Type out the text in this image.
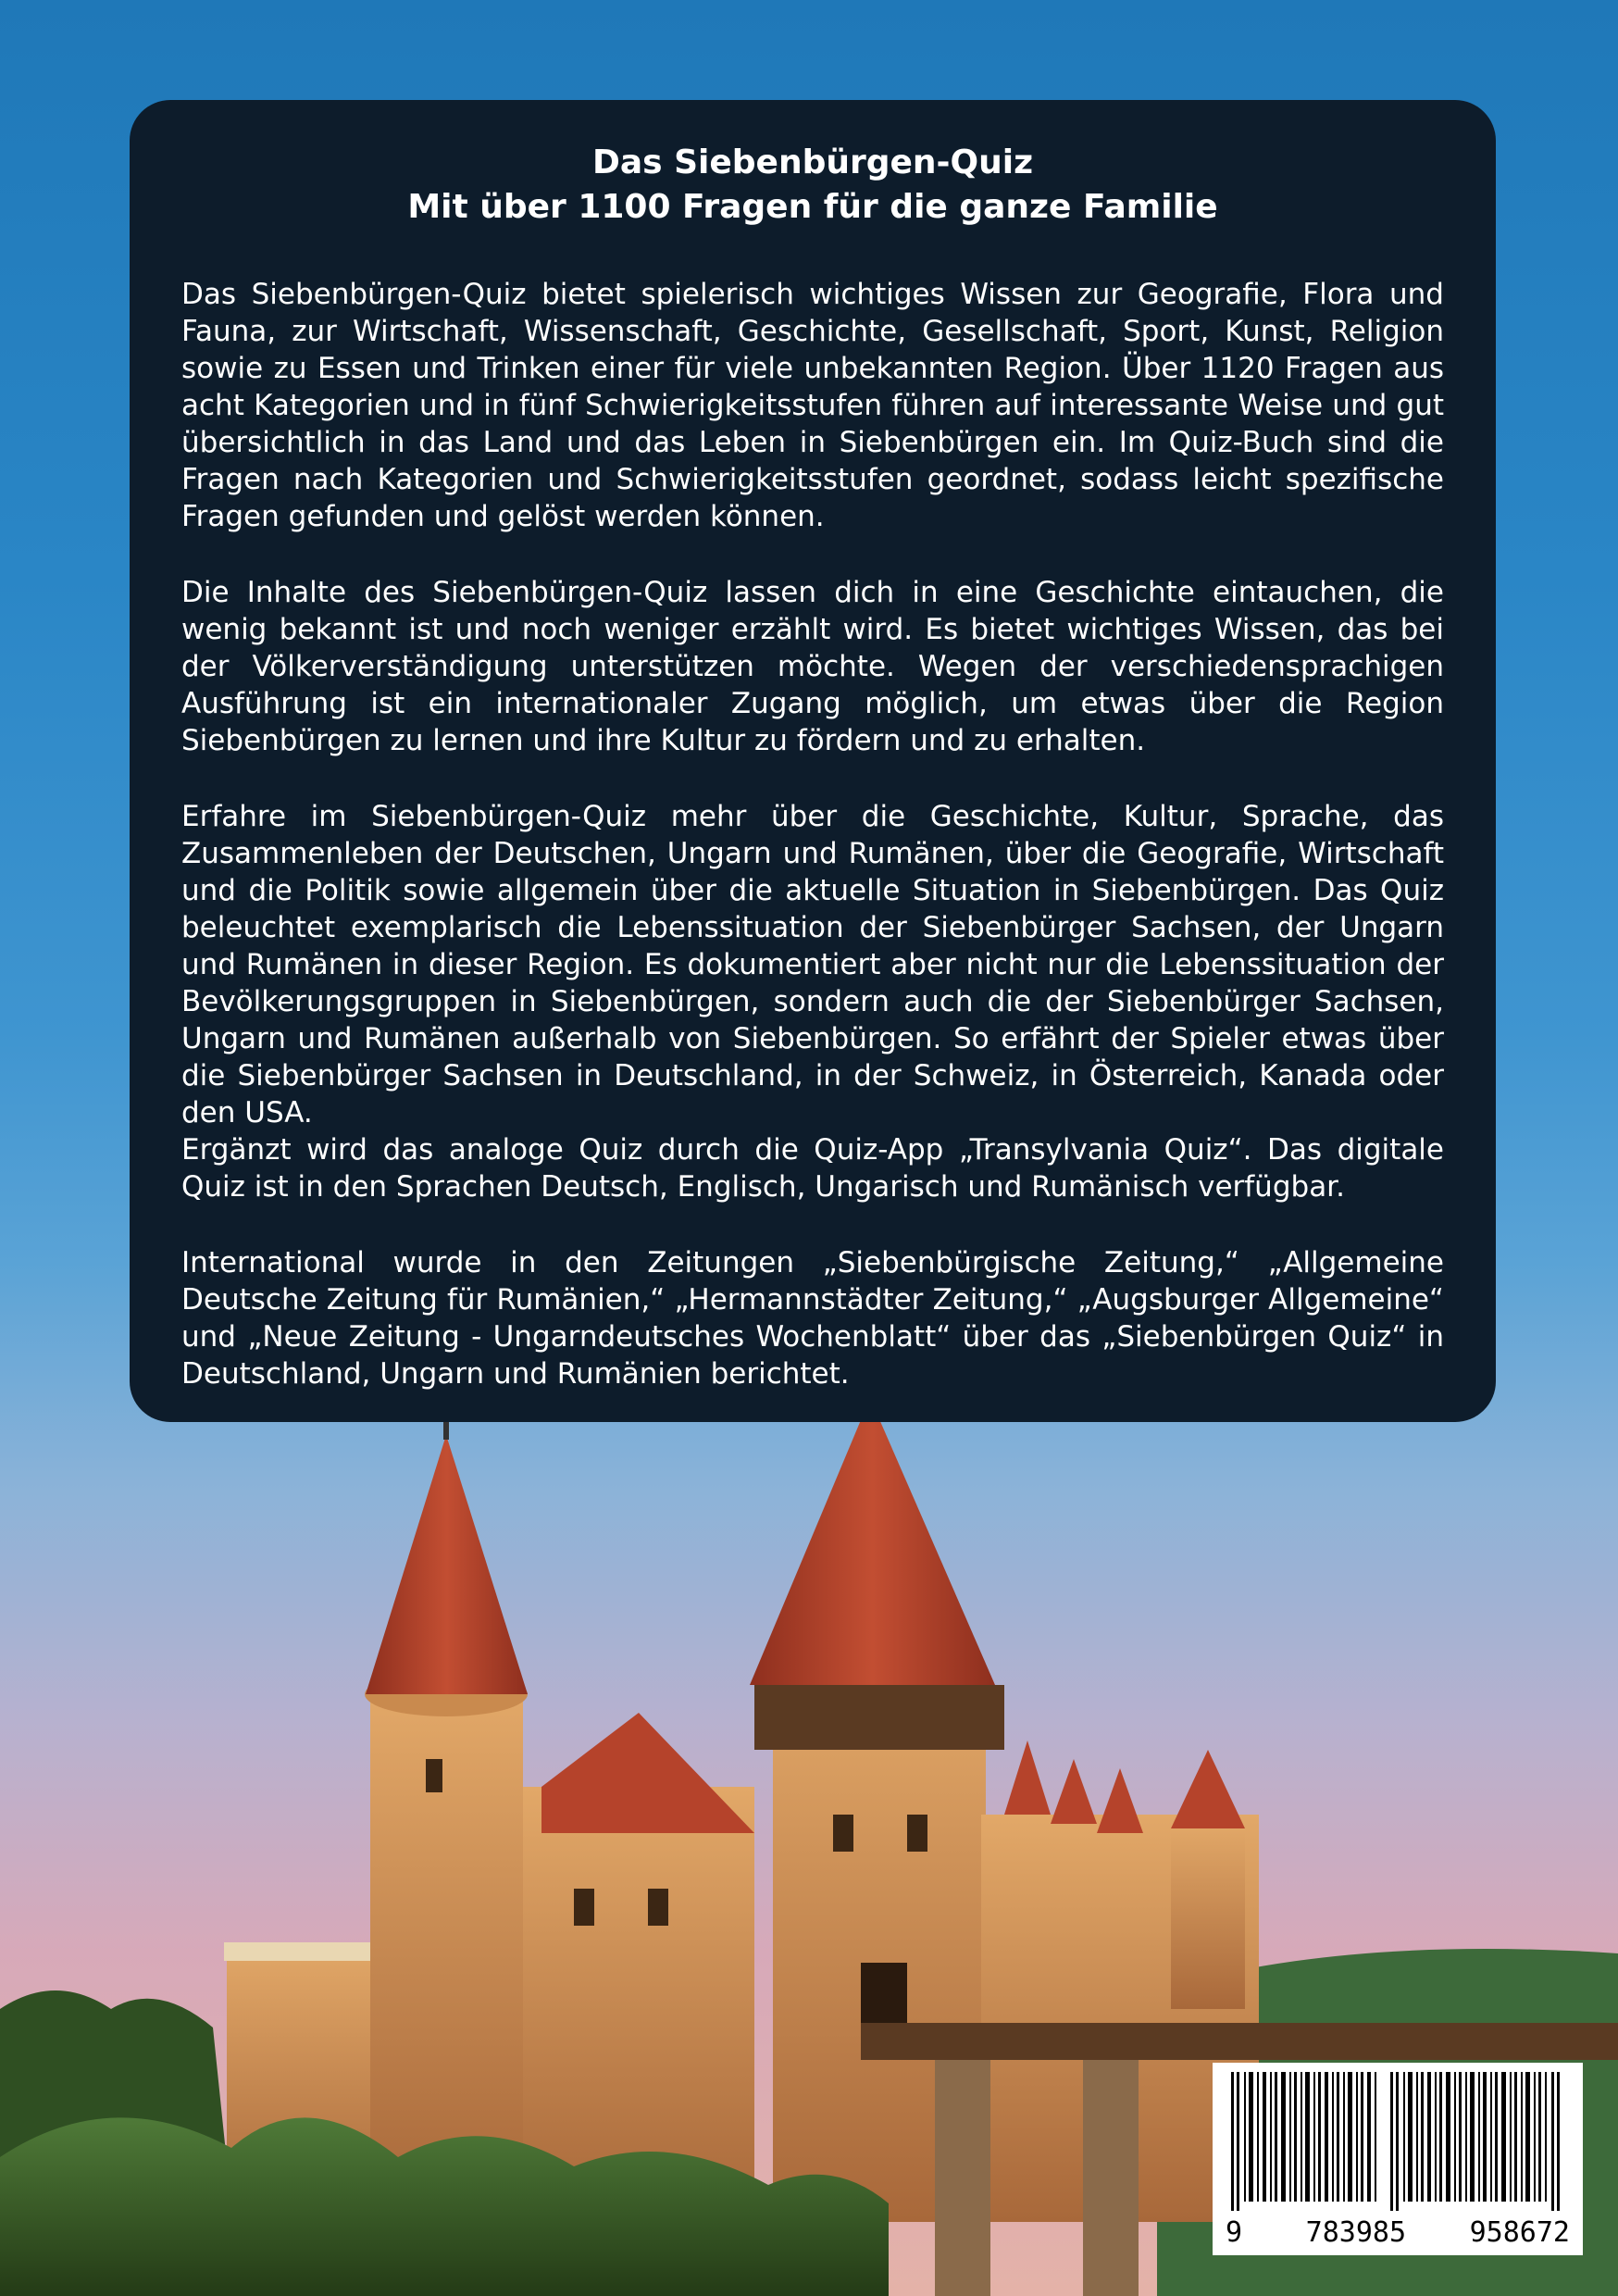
Das Siebenbürgen-Quiz

Mit über 1100 Fragen für die ganze Familie

Das Siebenbürgen-Quiz bietet spielerisch wichtiges Wissen zur Geografie, Flora und Fauna, zur Wirtschaft, Wissenschaft, Geschichte, Gesellschaft, Sport, Kunst, Religion sowie zu Essen und Trinken einer für viele unbekannten Region. Über 1120 Fragen aus acht Kategorien und in fünf Schwierigkeitsstufen führen auf interessante Weise und gut übersichtlich in das Land und das Leben in Siebenbürgen ein. Im Quiz-Buch sind die Fragen nach Kategorien und Schwierigkeitsstufen geordnet, sodass leicht spezifische Fragen gefunden und gelöst werden können.

Die Inhalte des Siebenbürgen-Quiz lassen dich in eine Geschichte eintauchen, die wenig bekannt ist und noch weniger erzählt wird. Es bietet wichtiges Wissen, das bei der Völkerverständigung unterstützen möchte. Wegen der verschiedensprachigen Ausführung ist ein internationaler Zugang möglich, um etwas über die Region Siebenbürgen zu lernen und ihre Kultur zu fördern und zu erhalten.

Erfahre im Siebenbürgen-Quiz mehr über die Geschichte, Kultur, Sprache, das Zusammenleben der Deutschen, Ungarn und Rumänen, über die Geografie, Wirtschaft und die Politik sowie allgemein über die aktuelle Situation in Siebenbürgen. Das Quiz beleuchtet exemplarisch die Lebenssituation der Siebenbürger Sachsen, der Ungarn und Rumänen in dieser Region. Es dokumentiert aber nicht nur die Lebenssituation der Bevölkerungsgruppen in Siebenbürgen, sondern auch die der Siebenbürger Sachsen, Ungarn und Rumänen außerhalb von Siebenbürgen. So erfährt der Spieler etwas über die Siebenbürger Sachsen in Deutschland, in der Schweiz, in Österreich, Kanada oder den USA.

Ergänzt wird das analoge Quiz durch die Quiz-App „Transylvania Quiz“. Das digitale Quiz ist in den Sprachen Deutsch, Englisch, Ungarisch und Rumänisch verfügbar.

International wurde in den Zeitungen „Siebenbürgische Zeitung,“ „Allgemeine Deutsche Zeitung für Rumänien,“ „Hermannstädter Zeitung,“ „Augsburger Allgemeine“ und „Neue Zeitung - Ungarndeutsches Wochenblatt“ über das „Siebenbürgen Quiz“ in Deutschland, Ungarn und Rumänien berichtet.

9 783985 958672
